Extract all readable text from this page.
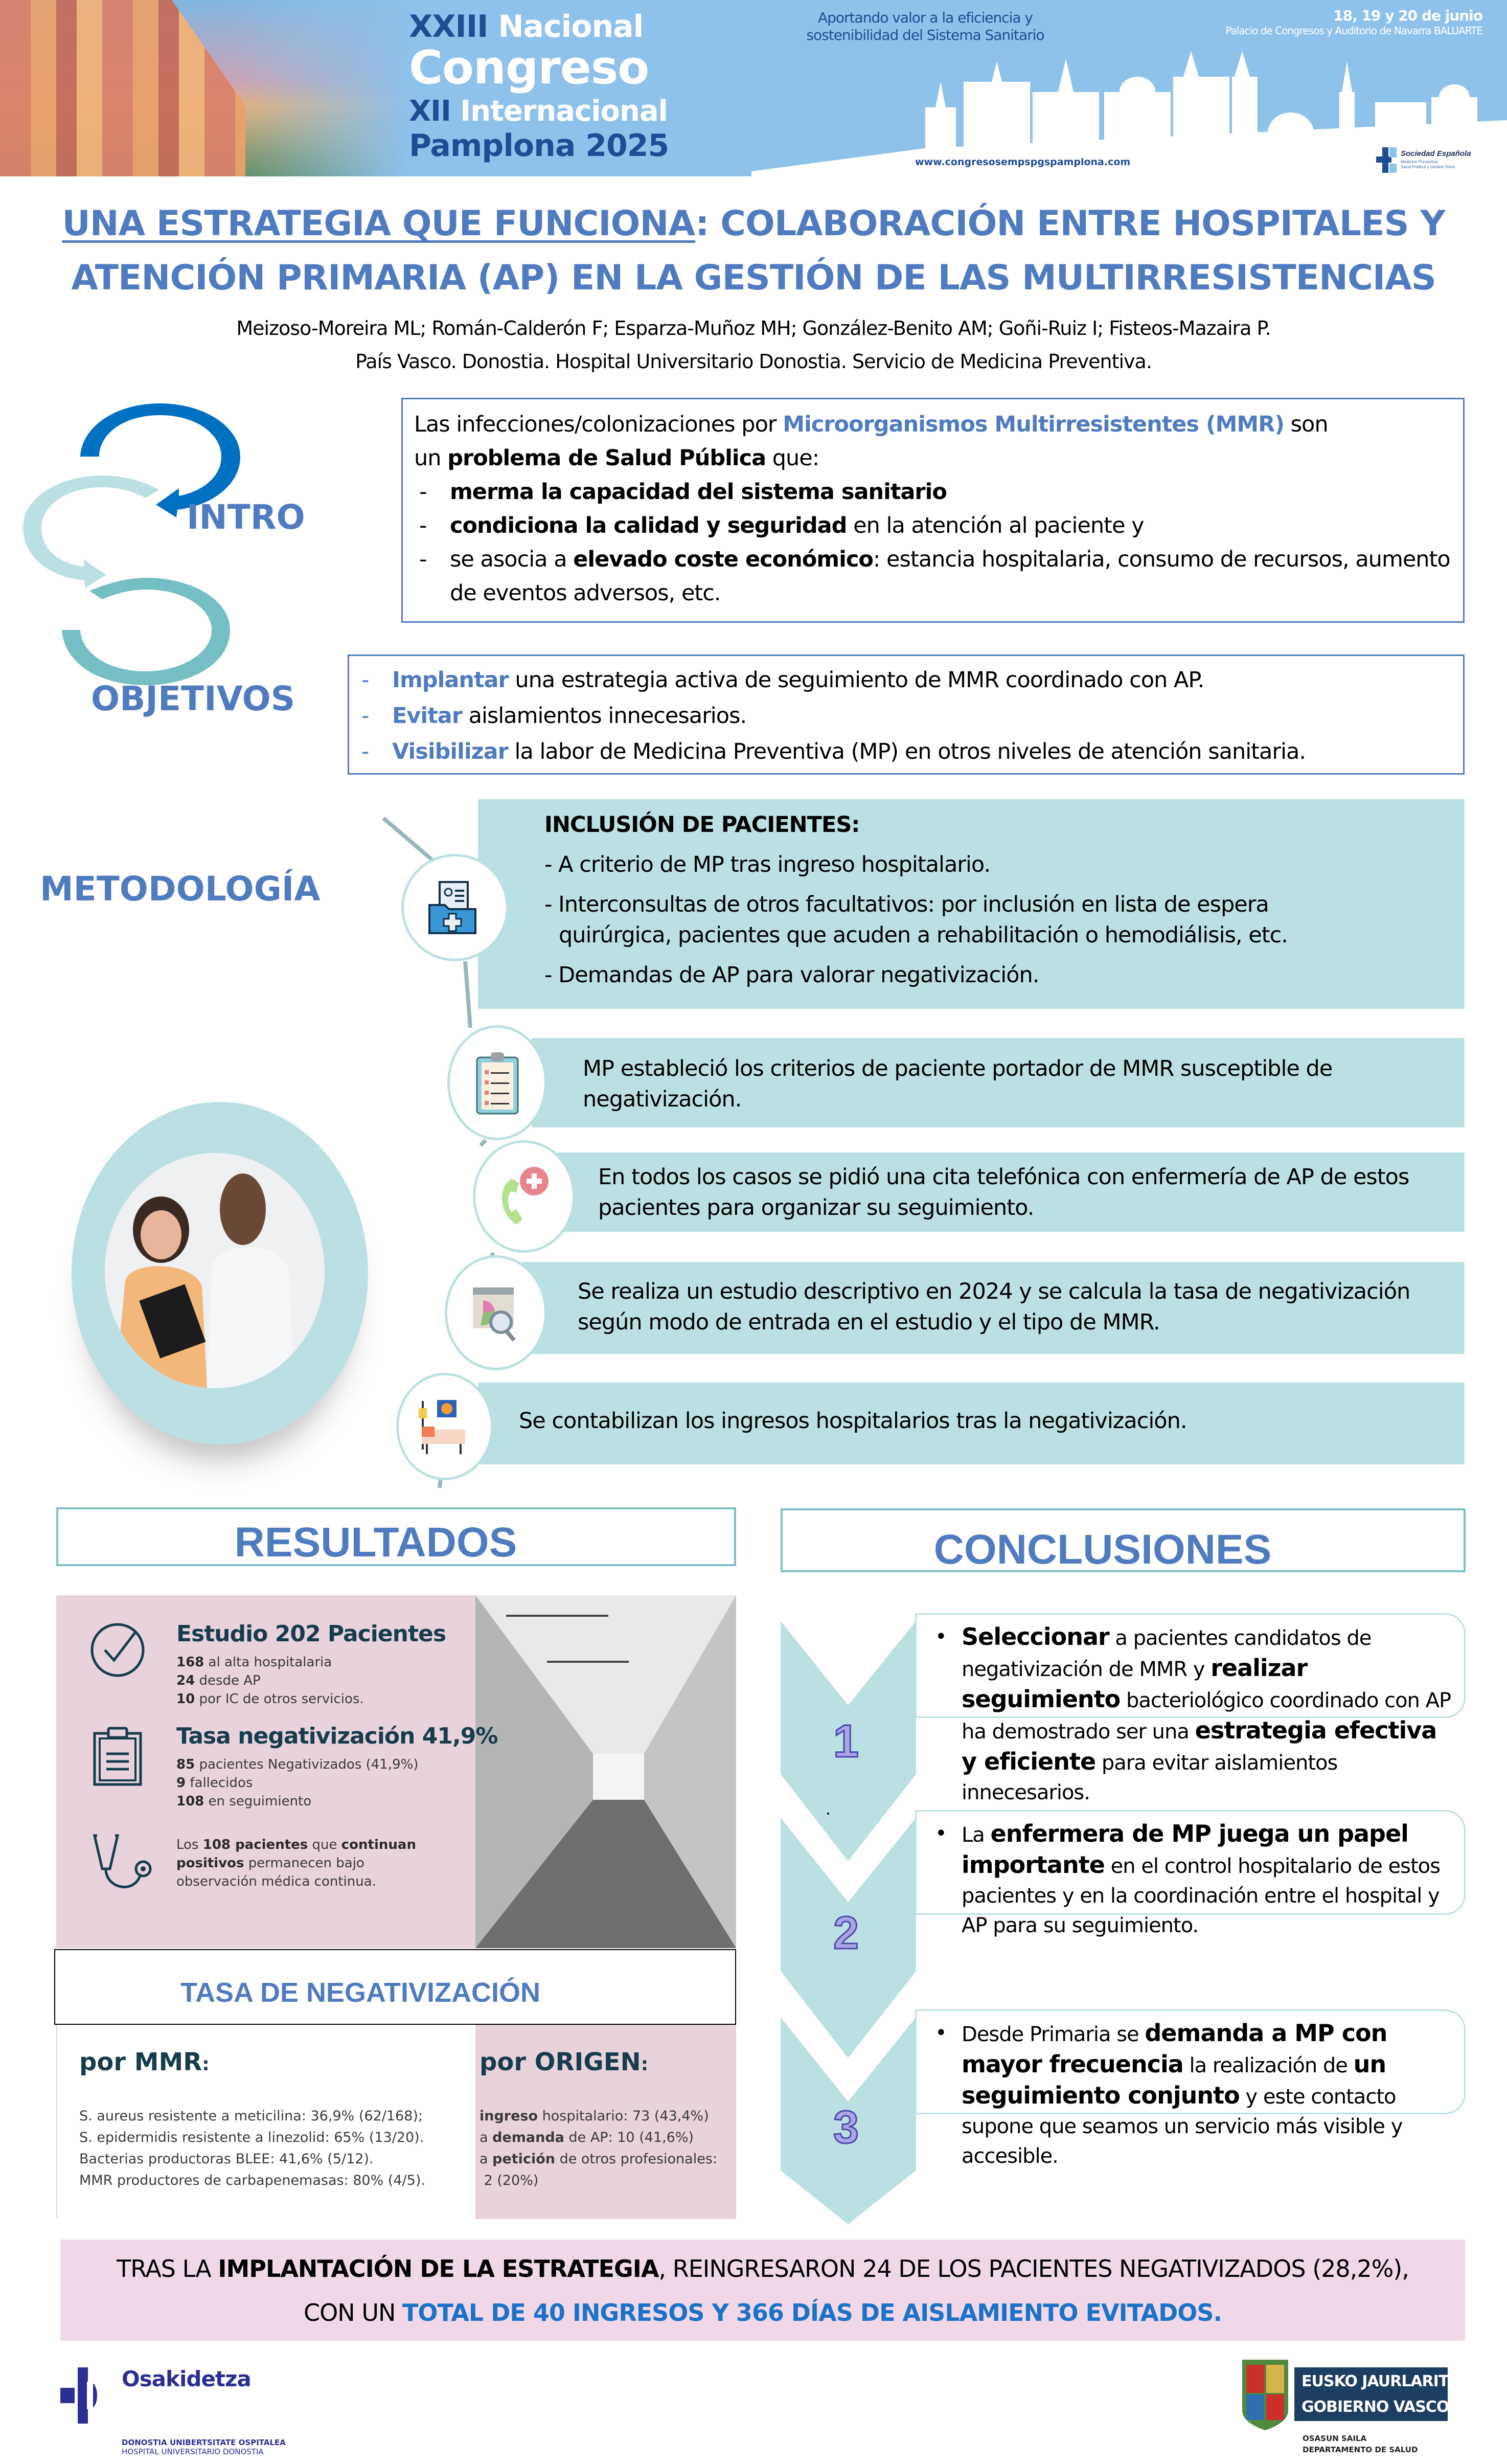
XXIII Nacional
Congreso
XII Internacional
Pamplona 2025
Aportando valor a la eficiencia y
sostenibilidad del Sistema Sanitario
18, 19 y 20 de junio
Palacio de Congresos y Auditorio de Navarra BALUARTE
www.congresosempspgspamplona.com
Sociedad Española
Medicina Preventiva,
Salud Pública y Gestión Sanit
UNA ESTRATEGIA QUE FUNCIONA: COLABORACIÓN ENTRE HOSPITALES Y
ATENCIÓN PRIMARIA (AP) EN LA GESTIÓN DE LAS MULTIRRESISTENCIAS
Meizoso-Moreira ML; Román-Calderón F; Esparza-Muñoz MH; González-Benito AM; Goñi-Ruiz I; Fisteos-Mazaira P.
País Vasco. Donostia. Hospital Universitario Donostia. Servicio de Medicina Preventiva.
INTRO
OBJETIVOS
METODOLOGÍA
Las infecciones/colonizaciones por Microorganismos Multirresistentes (MMR) son
un problema de Salud Pública que:
- merma la capacidad del sistema sanitario
- condiciona la calidad y seguridad en la atención al paciente y
- se asocia a elevado coste económico: estancia hospitalaria, consumo de recursos, aumento de eventos adversos, etc.
- Implantar una estrategia activa de seguimiento de MMR coordinado con AP.
- Evitar aislamientos innecesarios.
- Visibilizar la labor de Medicina Preventiva (MP) en otros niveles de atención sanitaria.

INCLUSIÓN DE PACIENTES:

- A criterio de MP tras ingreso hospitalario.

- Interconsultas de otros facultativos: por inclusión en lista de espera

quirúrgica, pacientes que acuden a rehabilitación o hemodiálisis, etc.

- Demandas de AP para valorar negativización.

MP estableció los criterios de paciente portador de MMR susceptible de negativización.
En todos los casos se pidió una cita telefónica con enfermería de AP de estos pacientes para organizar su seguimiento.
Se realiza un estudio descriptivo en 2024 y se calcula la tasa de negativización según modo de entrada en el estudio y el tipo de MMR.
Se contabilizan los ingresos hospitalarios tras la negativización.
RESULTADOS
Estudio 202 Pacientes
168 al alta hospitalaria
24 desde AP
10 por IC de otros servicios.
Tasa negativización 41,9%
85 pacientes Negativizados (41,9%)
9 fallecidos
108 en seguimiento
Los 108 pacientes que continuan
positivos permanecen bajo
observación médica continua.
TASA DE NEGATIVIZACIÓN
por MMR:	por ORIGEN:
S. aureus resistente a meticilina: 36,9% (62/168);
S. epidermidis resistente a linezolid: 65% (13/20).
Bacterias productoras BLEE: 41,6% (5/12).
MMR productores de carbapenemasas: 80% (4/5).
ingreso hospitalario: 73 (43,4%)
a demanda de AP: 10 (41,6%)
a petición de otros profesionales:
2 (20%)
CONCLUSIONES
1
2
3
• Seleccionar a pacientes candidatos de negativización de MMR y realizar seguimiento bacteriológico coordinado con AP ha demostrado ser una estrategia efectiva y eficiente para evitar aislamientos innecesarios.
• La enfermera de MP juega un papel importante en el control hospitalario de estos pacientes y en la coordinación entre el hospital y AP para su seguimiento.
• Desde Primaria se demanda a MP con mayor frecuencia la realización de un seguimiento conjunto y este contacto supone que seamos un servicio más visible y accesible.
TRAS LA IMPLANTACIÓN DE LA ESTRATEGIA, REINGRESARON 24 DE LOS PACIENTES NEGATIVIZADOS (28,2%),
CON UN TOTAL DE 40 INGRESOS Y 366 DÍAS DE AISLAMIENTO EVITADOS.
Osakidetza
DONOSTIA UNIBERTSITATE OSPITALEA
HOSPITAL UNIVERSITARIO DONOSTIA
EUSKO JAURLARITZA
GOBIERNO VASCO
OSASUN SAILA
DEPARTAMENTO DE SALUD
